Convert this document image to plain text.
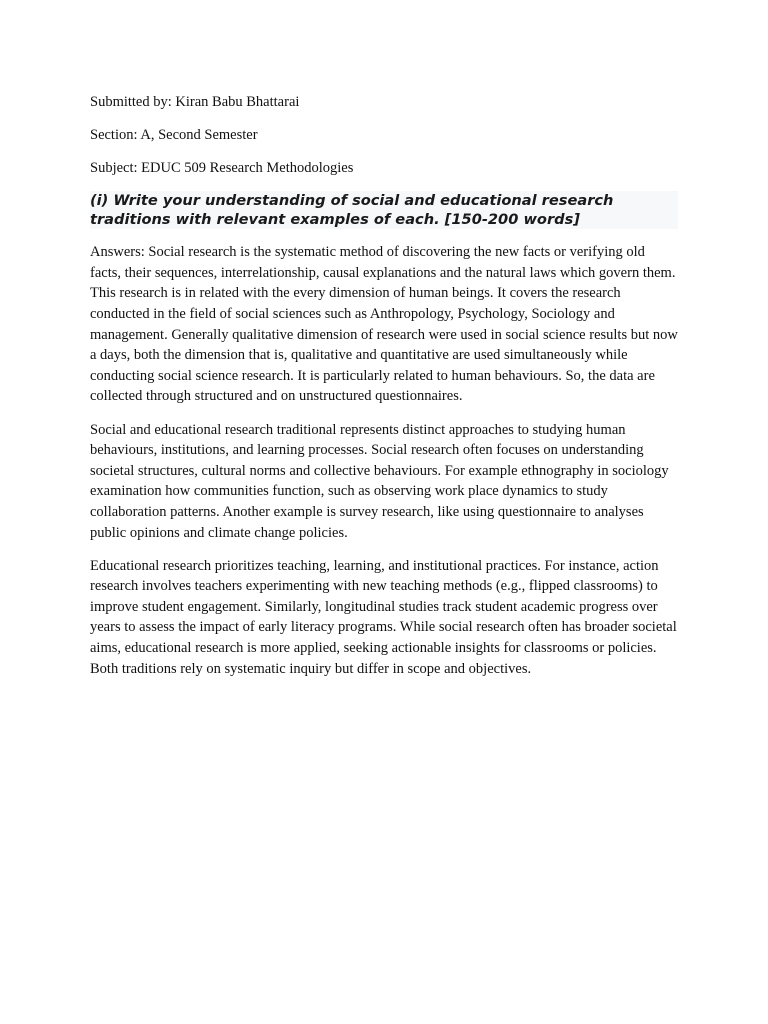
Submitted by: Kiran Babu Bhattarai

Section: A, Second Semester

Subject: EDUC 509 Research Methodologies

(i) Write your understanding of social and educational research traditions with relevant examples of each. [150-200 words]

Answers: Social research is the systematic method of discovering the new facts or verifying old facts, their sequences, interrelationship, causal explanations and the natural laws which govern them. This research is in related with the every dimension of human beings. It covers the research conducted in the field of social sciences such as Anthropology, Psychology, Sociology and management. Generally qualitative dimension of research were used in social science results but now a days, both the dimension that is, qualitative and quantitative are used simultaneously while conducting social science research. It is particularly related to human behaviours. So, the data are collected through structured and on unstructured questionnaires.

Social and educational research traditional represents distinct approaches to studying human behaviours, institutions, and learning processes. Social research often focuses on understanding societal structures, cultural norms and collective behaviours. For example ethnography in sociology examination how communities function, such as observing work place dynamics to study collaboration patterns. Another example is survey research, like using questionnaire to analyses public opinions and climate change policies.

Educational research prioritizes teaching, learning, and institutional practices. For instance, action research involves teachers experimenting with new teaching methods (e.g., flipped classrooms) to improve student engagement. Similarly, longitudinal studies track student academic progress over years to assess the impact of early literacy programs. While social research often has broader societal aims, educational research is more applied, seeking actionable insights for classrooms or policies. Both traditions rely on systematic inquiry but differ in scope and objectives.
